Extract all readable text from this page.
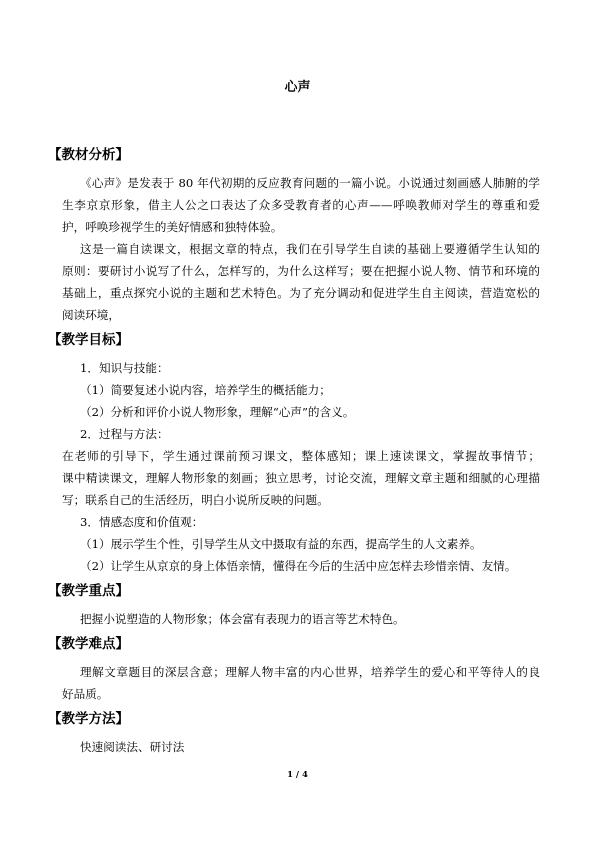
心声
【教材分析】
《心声》是发表于 80 年代初期的反应教育问题的一篇小说。小说通过刻画感人肺腑的学
生李京京形象，借主人公之口表达了众多受教育者的心声——呼唤教师对学生的尊重和爱
护，呼唤珍视学生的美好情感和独特体验。
这是一篇自读课文，根据文章的特点，我们在引导学生自读的基础上要遵循学生认知的
原则：要研讨小说写了什么，怎样写的，为什么这样写；要在把握小说人物、情节和环境的
基础上，重点探究小说的主题和艺术特色。为了充分调动和促进学生自主阅读，营造宽松的
阅读环境，
【教学目标】
1．知识与技能：
（1）简要复述小说内容，培养学生的概括能力；
（2）分析和评价小说人物形象，理解“心声”的含义。
2．过程与方法：
在老师的引导下，学生通过课前预习课文，整体感知；课上速读课文，掌握故事情节；
课中精读课文，理解人物形象的刻画；独立思考，讨论交流，理解文章主题和细腻的心理描
写；联系自己的生活经历，明白小说所反映的问题。
3．情感态度和价值观：
（1）展示学生个性，引导学生从文中摄取有益的东西，提高学生的人文素养。
（2）让学生从京京的身上体悟亲情，懂得在今后的生活中应怎样去珍惜亲情、友情。
【教学重点】
把握小说塑造的人物形象；体会富有表现力的语言等艺术特色。
【教学难点】
理解文章题目的深层含意；理解人物丰富的内心世界，培养学生的爱心和平等待人的良
好品质。
【教学方法】
快速阅读法、研讨法
1 / 4
